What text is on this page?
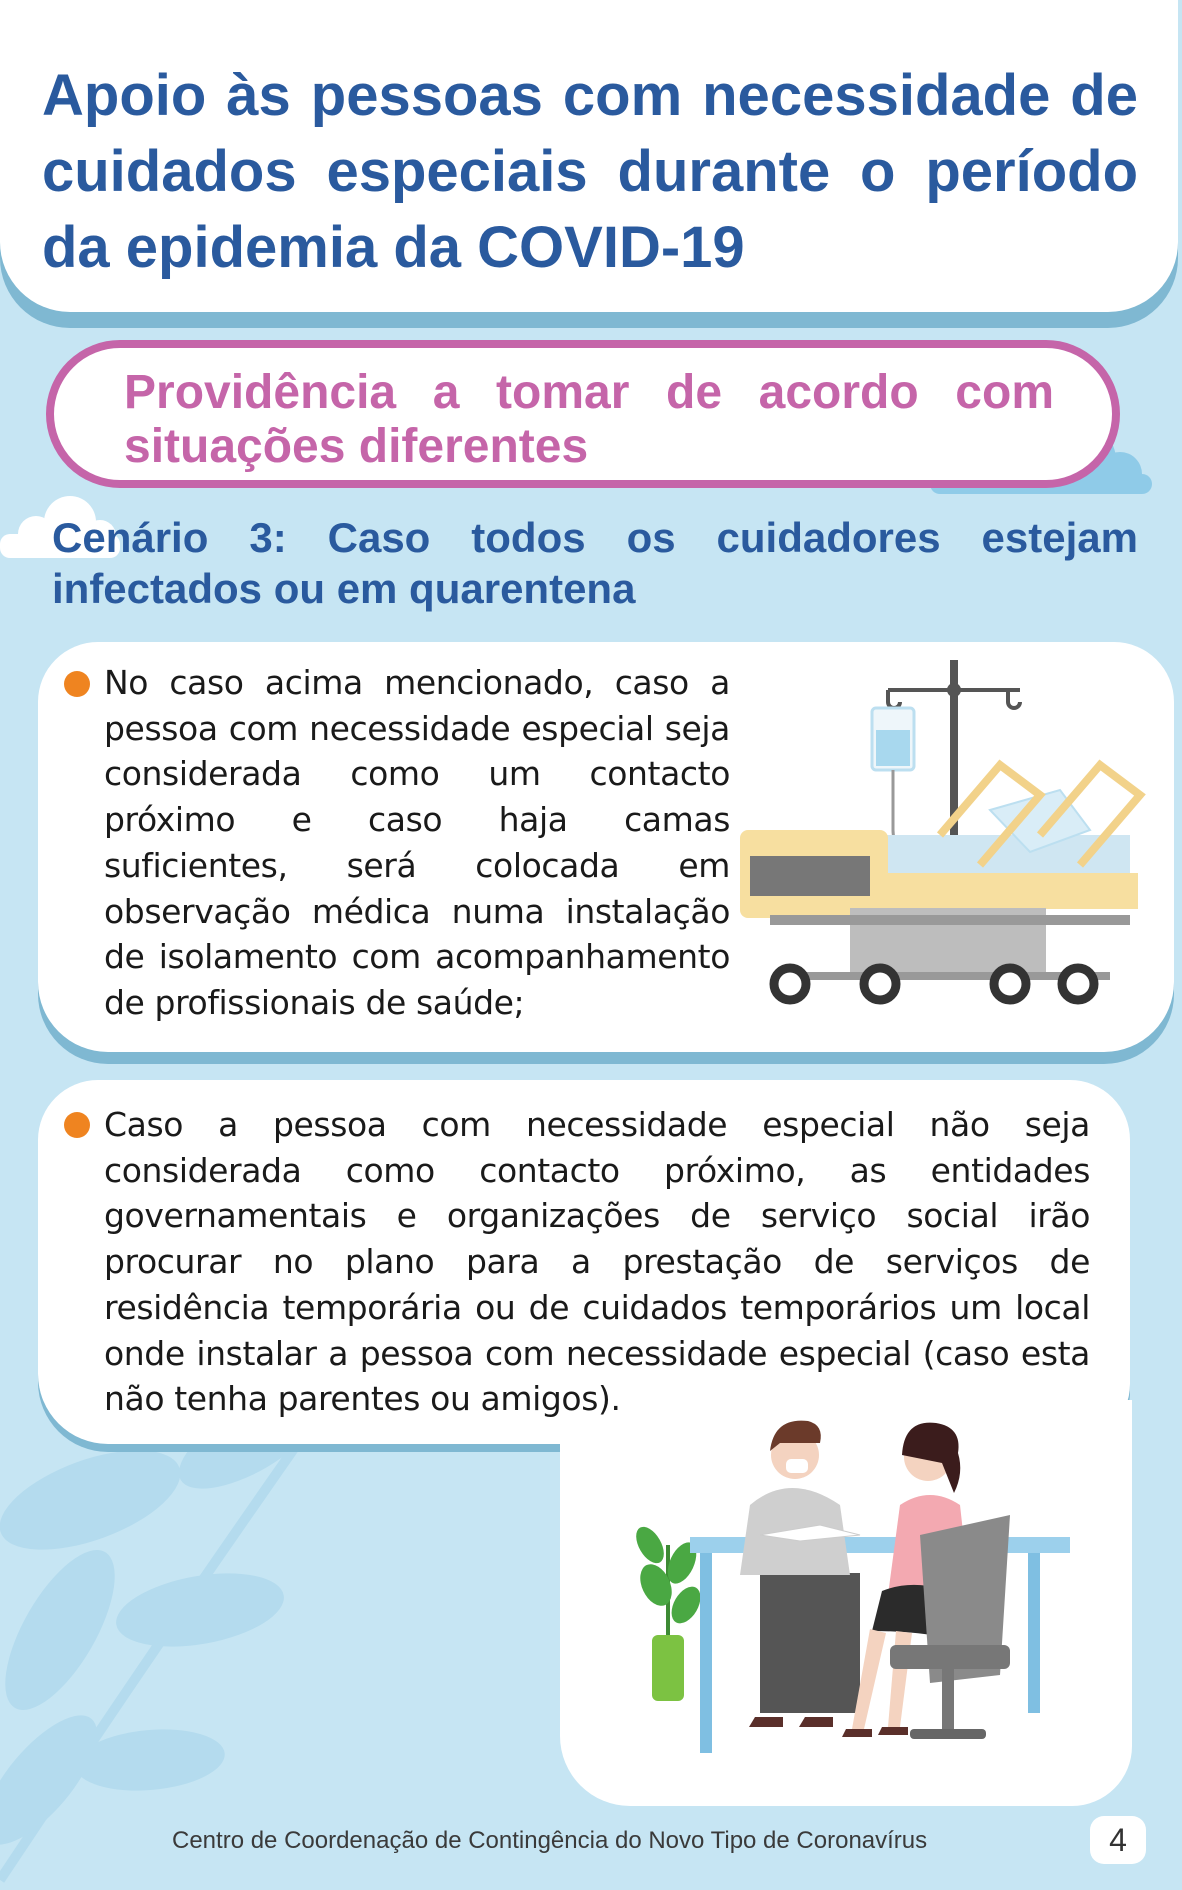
Apoio às pessoas com necessidade de cuidados especiais durante o período da epidemia da COVID-19
Providência a tomar de acordo com situações diferentes
Cenário 3: Caso todos os cuidadores estejam infectados ou em quarentena

No caso acima mencionado, caso a pessoa com necessidade especial seja considerada como um contacto próximo e caso haja camas suficientes, será colocada em observação médica numa instalação de isolamento com acompanhamento de profissionais de saúde;

Caso a pessoa com necessidade especial não seja considerada como contacto próximo, as entidades governamentais e organizações de serviço social irão procurar no plano para a prestação de serviços de residência temporária ou de cuidados temporários um local onde instalar a pessoa com necessidade especial (caso esta não tenha parentes ou amigos).

Centro de Coordenação de Contingência do Novo Tipo de Coronavírus	4
